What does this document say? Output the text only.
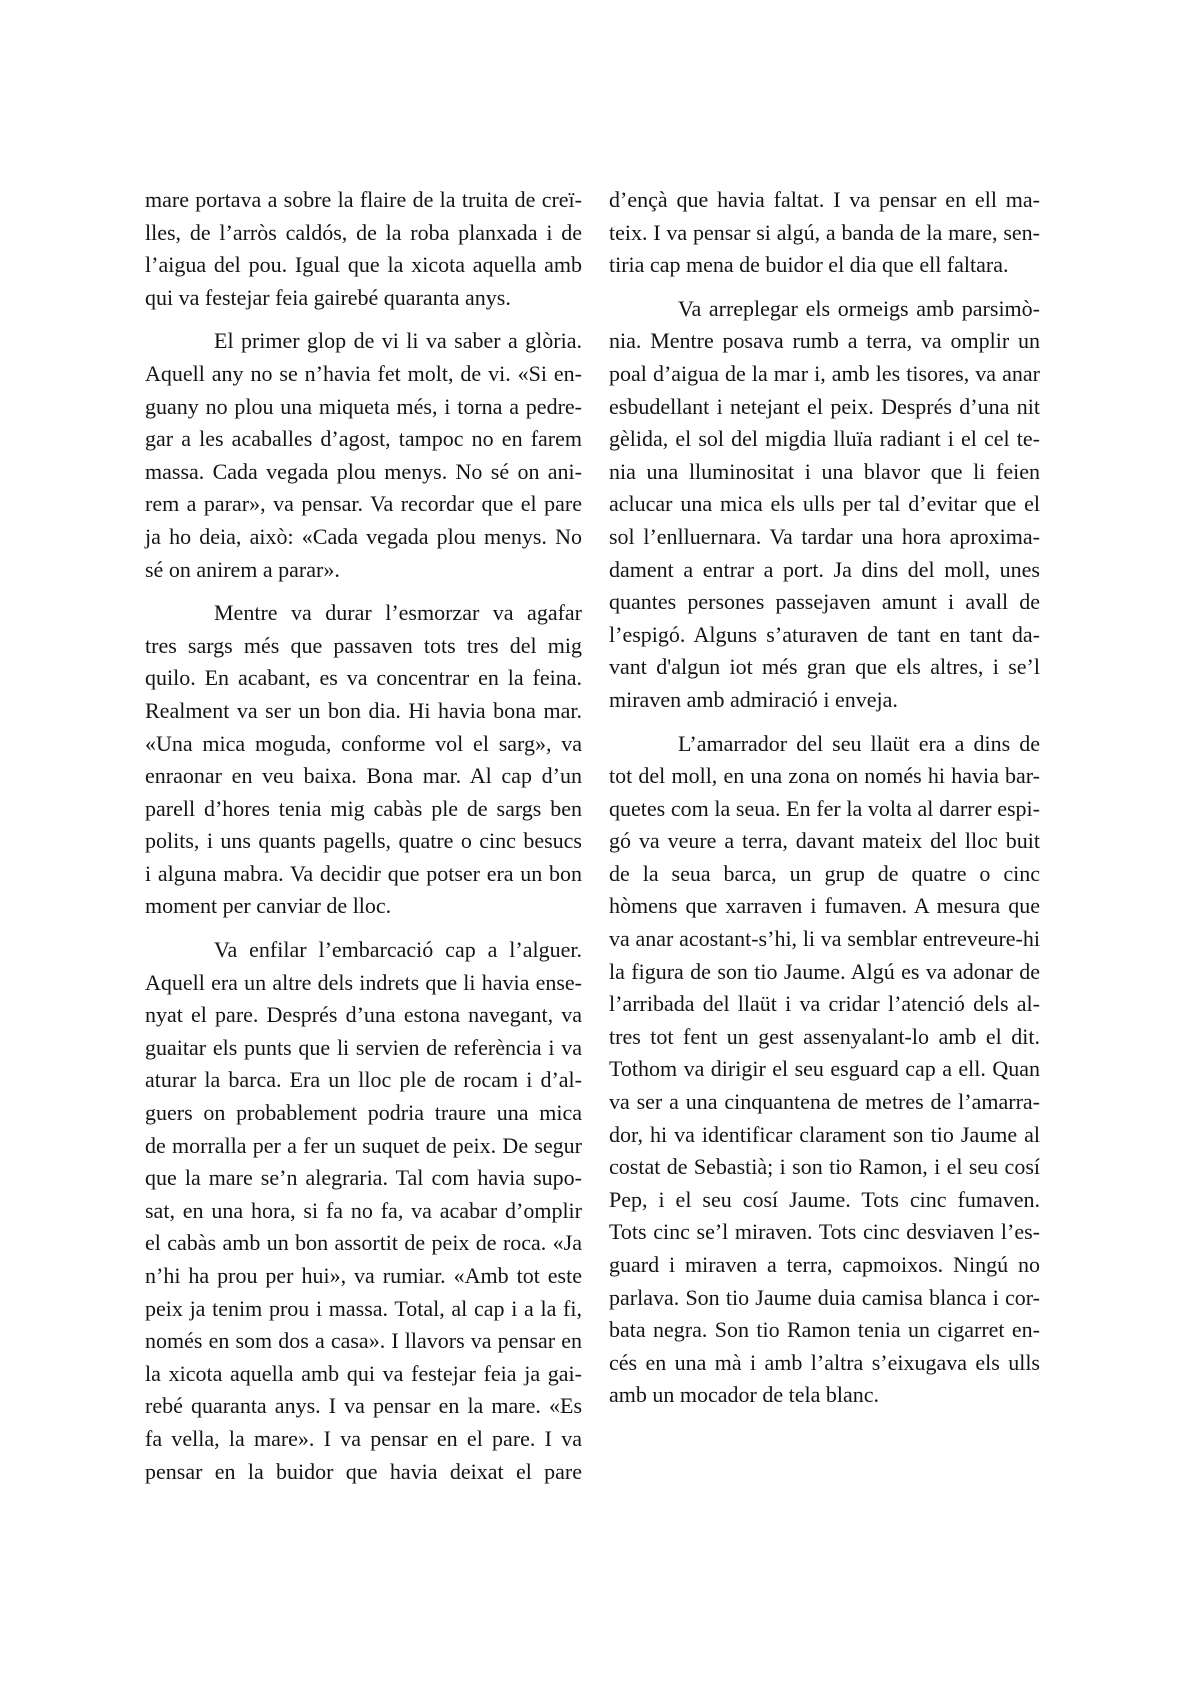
mare portava a sobre la flaire de la truita de creï-
lles, de l’arròs caldós, de la roba planxada i de
l’aigua del pou. Igual que la xicota aquella amb
qui va festejar feia gairebé quaranta anys.

El primer glop de vi li va saber a glòria.
Aquell any no se n’havia fet molt, de vi. «Si en-
guany no plou una miqueta més, i torna a pedre-
gar a les acaballes d’agost, tampoc no en farem
massa. Cada vegada plou menys. No sé on ani-
rem a parar», va pensar. Va recordar que el pare
ja ho deia, això: «Cada vegada plou menys. No
sé on anirem a parar».

Mentre va durar l’esmorzar va agafar
tres sargs més que passaven tots tres del mig
quilo. En acabant, es va concentrar en la feina.
Realment va ser un bon dia. Hi havia bona mar.
«Una mica moguda, conforme vol el sarg», va
enraonar en veu baixa. Bona mar. Al cap d’un
parell d’hores tenia mig cabàs ple de sargs ben
polits, i uns quants pagells, quatre o cinc besucs
i alguna mabra. Va decidir que potser era un bon
moment per canviar de lloc.

Va enfilar l’embarcació cap a l’alguer.
Aquell era un altre dels indrets que li havia ense-
nyat el pare. Després d’una estona navegant, va
guaitar els punts que li servien de referència i va
aturar la barca. Era un lloc ple de rocam i d’al-
guers on probablement podria traure una mica
de morralla per a fer un suquet de peix. De segur
que la mare se’n alegraria. Tal com havia supo-
sat, en una hora, si fa no fa, va acabar d’omplir
el cabàs amb un bon assortit de peix de roca. «Ja
n’hi ha prou per hui», va rumiar. «Amb tot este
peix ja tenim prou i massa. Total, al cap i a la fi,
només en som dos a casa». I llavors va pensar en
la xicota aquella amb qui va festejar feia ja gai-
rebé quaranta anys. I va pensar en la mare. «Es
fa vella, la mare». I va pensar en el pare. I va
pensar en la buidor que havia deixat el pare

d’ençà que havia faltat. I va pensar en ell ma-
teix. I va pensar si algú, a banda de la mare, sen-
tiria cap mena de buidor el dia que ell faltara.

Va arreplegar els ormeigs amb parsimò-
nia. Mentre posava rumb a terra, va omplir un
poal d’aigua de la mar i, amb les tisores, va anar
esbudellant i netejant el peix. Després d’una nit
gèlida, el sol del migdia lluïa radiant i el cel te-
nia una lluminositat i una blavor que li feien
aclucar una mica els ulls per tal d’evitar que el
sol l’enlluernara. Va tardar una hora aproxima-
dament a entrar a port. Ja dins del moll, unes
quantes persones passejaven amunt i avall de
l’espigó. Alguns s’aturaven de tant en tant da-
vant d'algun iot més gran que els altres, i se’l
miraven amb admiració i enveja.

L’amarrador del seu llaüt era a dins de
tot del moll, en una zona on només hi havia bar-
quetes com la seua. En fer la volta al darrer espi-
gó va veure a terra, davant mateix del lloc buit
de la seua barca, un grup de quatre o cinc
hòmens que xarraven i fumaven. A mesura que
va anar acostant-s’hi, li va semblar entreveure-hi
la figura de son tio Jaume. Algú es va adonar de
l’arribada del llaüt i va cridar l’atenció dels al-
tres tot fent un gest assenyalant-lo amb el dit.
Tothom va dirigir el seu esguard cap a ell. Quan
va ser a una cinquantena de metres de l’amarra-
dor, hi va identificar clarament son tio Jaume al
costat de Sebastià; i son tio Ramon, i el seu cosí
Pep, i el seu cosí Jaume. Tots cinc fumaven.
Tots cinc se’l miraven. Tots cinc desviaven l’es-
guard i miraven a terra, capmoixos. Ningú no
parlava. Son tio Jaume duia camisa blanca i cor-
bata negra. Son tio Ramon tenia un cigarret en-
cés en una mà i amb l’altra s’eixugava els ulls
amb un mocador de tela blanc.
